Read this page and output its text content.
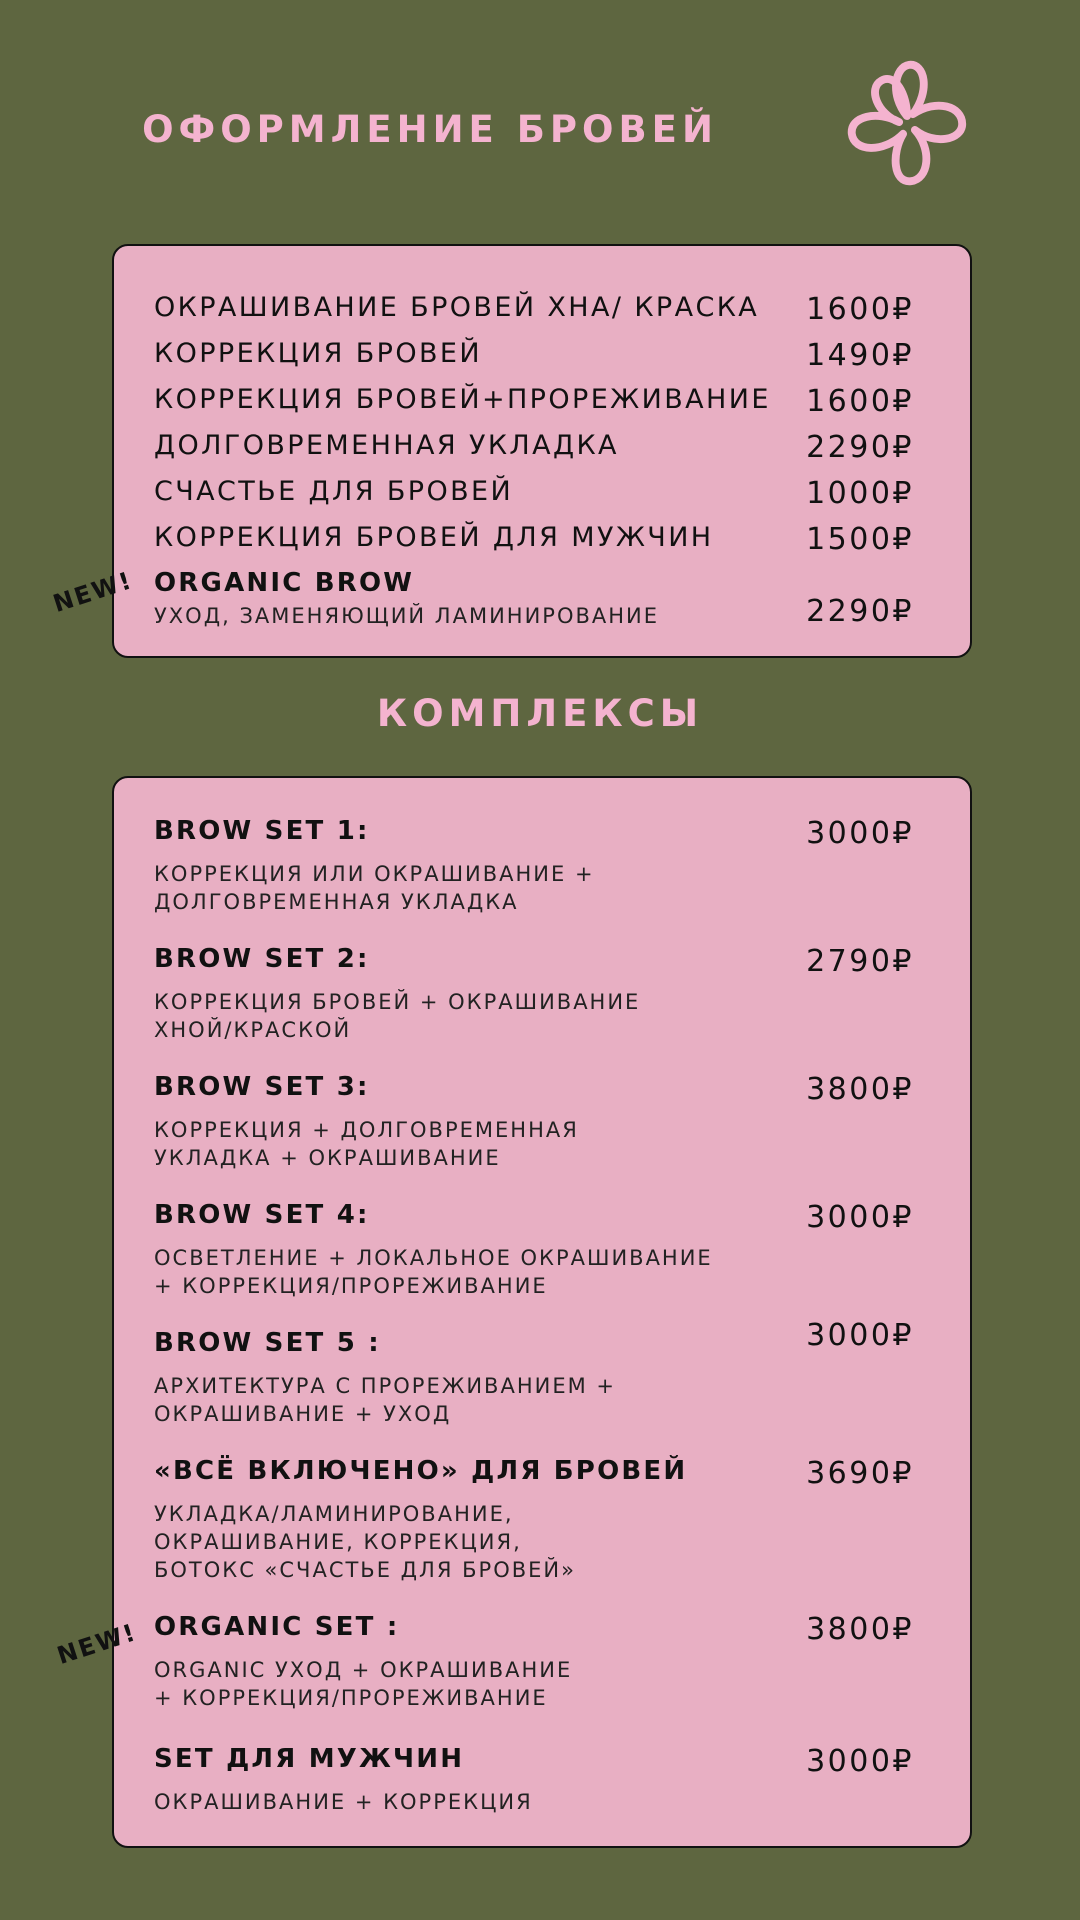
ОФОРМЛЕНИЕ БРОВЕЙ
ОКРАШИВАНИЕ БРОВЕЙ ХНА/ КРАСКА 1600₽
КОРРЕКЦИЯ БРОВЕЙ	1490₽
КОРРЕКЦИЯ БРОВЕЙ+ПРОРЕЖИВАНИЕ 1600₽
ДОЛГОВРЕМЕННАЯ УКЛАДКА	2290₽
СЧАСТЬЕ ДЛЯ БРОВЕЙ	1000₽
КОРРЕКЦИЯ БРОВЕЙ ДЛЯ МУЖЧИН	1500₽
ORGANIC BROW
УХОД, ЗАМЕНЯЮЩИЙ ЛАМИНИРОВАНИЕ	2290₽
NEW!
КОМПЛЕКСЫ
BROW SET 1:	3000₽
КОРРЕКЦИЯ ИЛИ ОКРАШИВАНИЕ +
ДОЛГОВРЕМЕННАЯ УКЛАДКА
BROW SET 2:	2790₽
КОРРЕКЦИЯ БРОВЕЙ + ОКРАШИВАНИЕ
ХНОЙ/КРАСКОЙ
BROW SET 3:	3800₽
КОРРЕКЦИЯ + ДОЛГОВРЕМЕННАЯ
УКЛАДКА + ОКРАШИВАНИЕ
BROW SET 4:	3000₽
ОСВЕТЛЕНИЕ + ЛОКАЛЬНОЕ ОКРАШИВАНИЕ
+ КОРРЕКЦИЯ/ПРОРЕЖИВАНИЕ
BROW SET 5 :	3000₽
АРХИТЕКТУРА С ПРОРЕЖИВАНИЕМ +
ОКРАШИВАНИЕ + УХОД
«ВСЁ ВКЛЮЧЕНО» ДЛЯ БРОВЕЙ	3690₽
УКЛАДКА/ЛАМИНИРОВАНИЕ,
ОКРАШИВАНИЕ, КОРРЕКЦИЯ,
БОТОКС «СЧАСТЬЕ ДЛЯ БРОВЕЙ»
ORGANIC SET :	3800₽
ORGANIC УХОД + ОКРАШИВАНИЕ
+ КОРРЕКЦИЯ/ПРОРЕЖИВАНИЕ
SET ДЛЯ МУЖЧИН	3000₽
ОКРАШИВАНИЕ + КОРРЕКЦИЯ
NEW!
